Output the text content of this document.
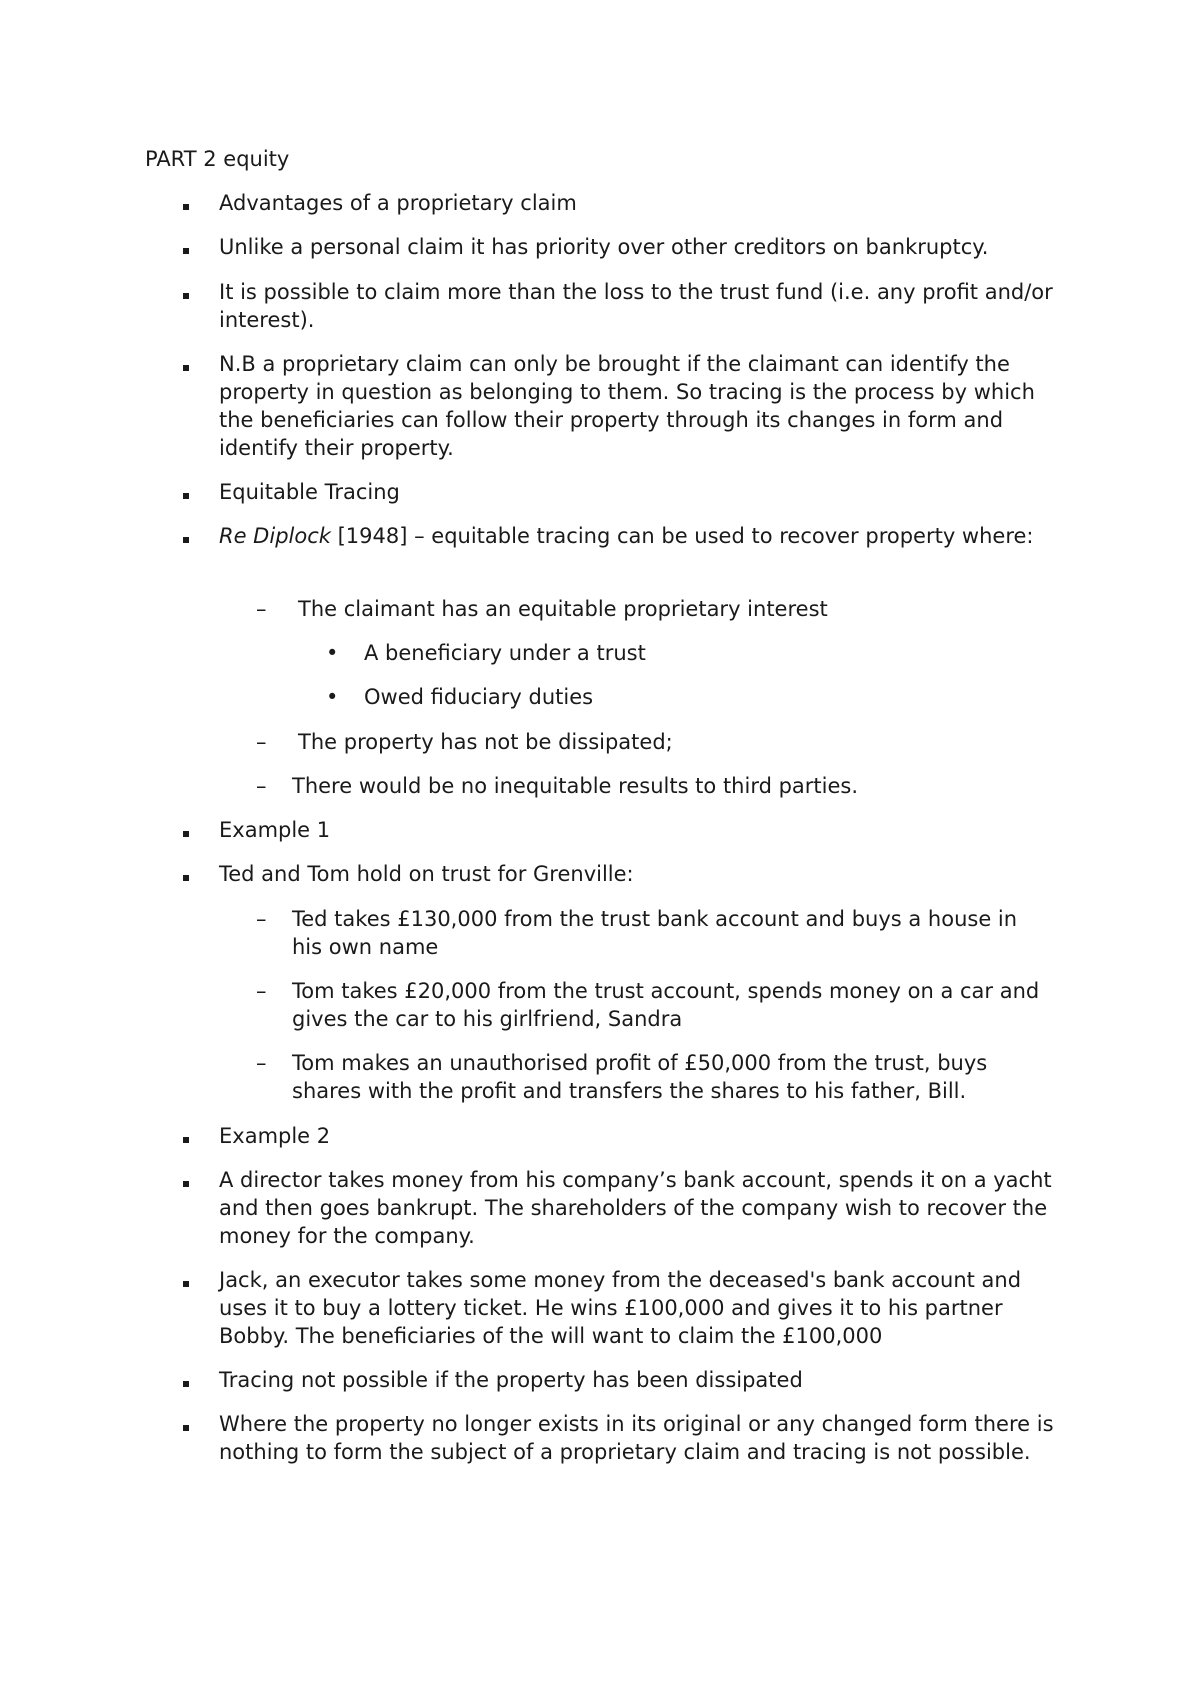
PART 2 equity

Advantages of a proprietary claim
Unlike a personal claim it has priority over other creditors on bankruptcy.
It is possible to claim more than the loss to the trust fund (i.e. any profit and/or interest).
N.B a proprietary claim can only be brought if the claimant can identify the property in question as belonging to them. So tracing is the process by which the beneficiaries can follow their property through its changes in form and identify their property.
Equitable Tracing
Re Diplock [1948] – equitable tracing can be used to recover property where:
–	The claimant has an equitable proprietary interest
• A beneficiary under a trust
• Owed fiduciary duties
–	The property has not be dissipated;
–	There would be no inequitable results to third parties.
Example 1
Ted and Tom hold on trust for Grenville:
–	Ted takes £130,000 from the trust bank account and buys a house in his own name
–	Tom takes £20,000 from the trust account, spends money on a car and gives the car to his girlfriend, Sandra
–	Tom makes an unauthorised profit of £50,000 from the trust, buys shares with the profit and transfers the shares to his father, Bill.
Example 2
A director takes money from his company’s bank account, spends it on a yacht and then goes bankrupt. The shareholders of the company wish to recover the money for the company.
Jack, an executor takes some money from the deceased's bank account and uses it to buy a lottery ticket. He wins £100,000 and gives it to his partner Bobby. The beneficiaries of the will want to claim the £100,000
Tracing not possible if the property has been dissipated
Where the property no longer exists in its original or any changed form there is nothing to form the subject of a proprietary claim and tracing is not possible.
